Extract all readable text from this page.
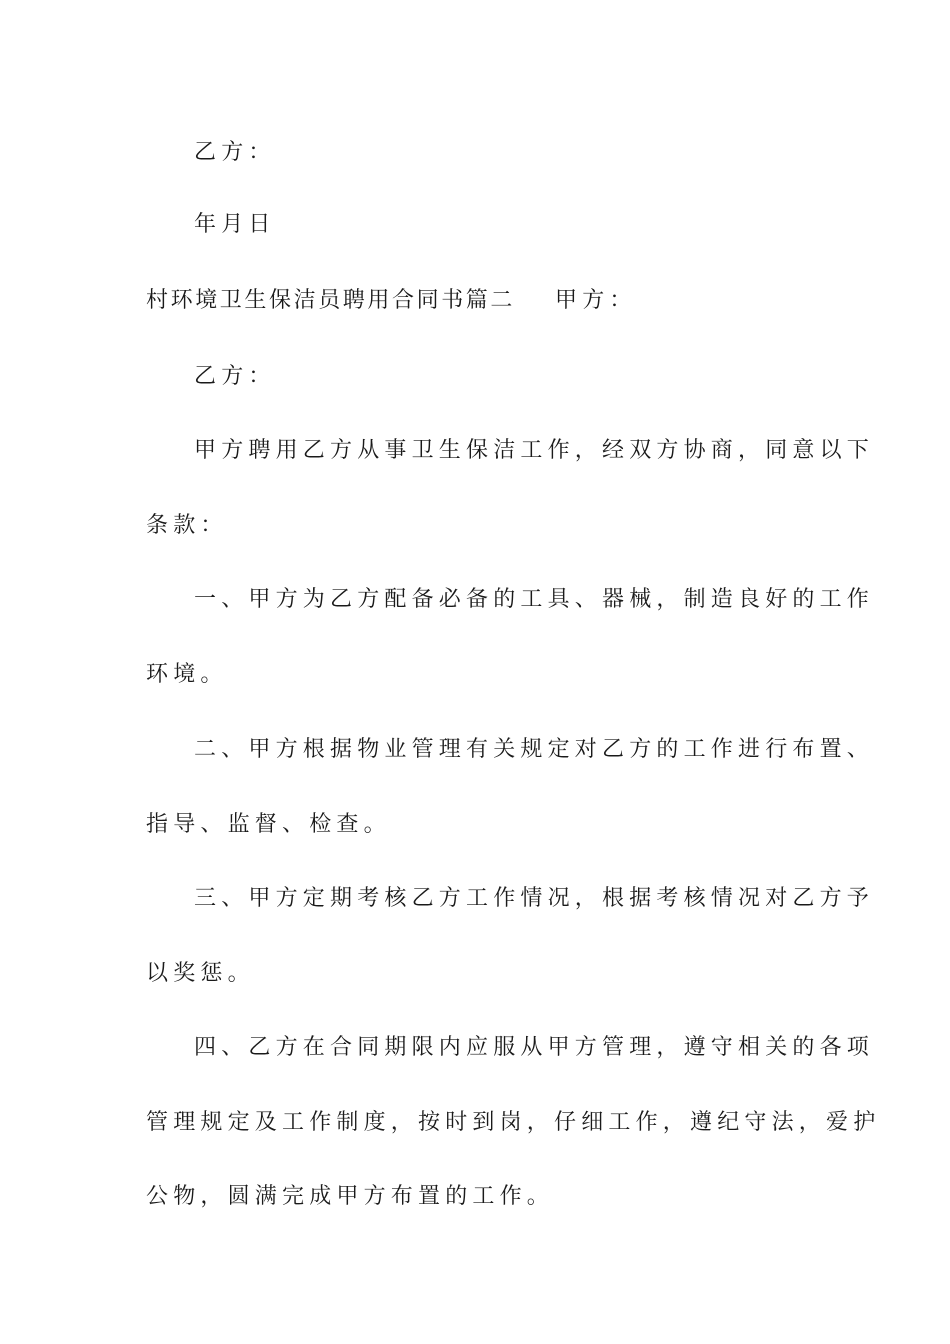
乙方：
年月日
村环境卫生保洁员聘用合同书篇二	甲方：
乙方：
甲方聘用乙方从事卫生保洁工作，经双方协商，同意以下
条款：
一、甲方为乙方配备必备的工具、器械，制造良好的工作
环境。
二、甲方根据物业管理有关规定对乙方的工作进行布置、
指导、监督、检查。
三、甲方定期考核乙方工作情况，根据考核情况对乙方予
以奖惩。
四、乙方在合同期限内应服从甲方管理，遵守相关的各项
管理规定及工作制度，按时到岗，仔细工作，遵纪守法，爱护
公物，圆满完成甲方布置的工作。
